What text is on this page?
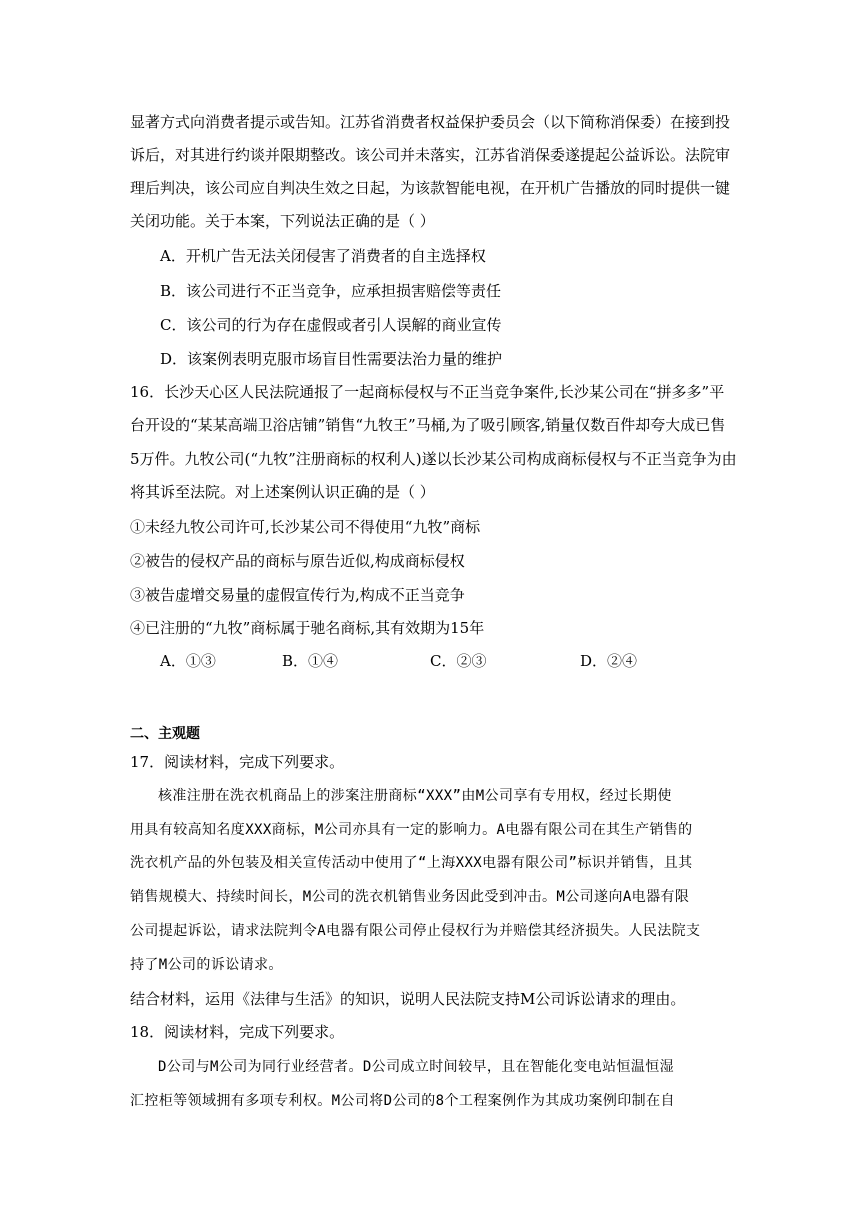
显著方式向消费者提示或告知。江苏省消费者权益保护委员会（以下简称消保委）在接到投
诉后，对其进行约谈并限期整改。该公司并未落实，江苏省消保委遂提起公益诉讼。法院审
理后判决，该公司应自判决生效之日起，为该款智能电视，在开机广告播放的同时提供一键
关闭功能。关于本案，下列说法正确的是（ ）
A．开机广告无法关闭侵害了消费者的自主选择权
B．该公司进行不正当竞争，应承担损害赔偿等责任
C．该公司的行为存在虚假或者引人误解的商业宣传
D．该案例表明克服市场盲目性需要法治力量的维护
16．长沙天心区人民法院通报了一起商标侵权与不正当竞争案件,长沙某公司在“拼多多”平
台开设的“某某高端卫浴店铺”销售“九牧王”马桶,为了吸引顾客,销量仅数百件却夸大成已售
5万件。九牧公司(“九牧”注册商标的权利人)遂以长沙某公司构成商标侵权与不正当竞争为由
将其诉至法院。对上述案例认识正确的是（ ）
①未经九牧公司许可,长沙某公司不得使用“九牧”商标
②被告的侵权产品的商标与原告近似,构成商标侵权
③被告虚增交易量的虚假宣传行为,构成不正当竞争
④已注册的“九牧”商标属于驰名商标,其有效期为15年
A．①③	B．①④	C．②③	D．②④
二、主观题
17．阅读材料，完成下列要求。
核准注册在洗衣机商品上的涉案注册商标“XXX”由M公司享有专用权，经过长期使
用具有较高知名度XXX商标，M公司亦具有一定的影响力。A电器有限公司在其生产销售的
洗衣机产品的外包装及相关宣传活动中使用了“上海XXX电器有限公司”标识并销售，且其
销售规模大、持续时间长，M公司的洗衣机销售业务因此受到冲击。M公司遂向A电器有限
公司提起诉讼，请求法院判令A电器有限公司停止侵权行为并赔偿其经济损失。人民法院支
持了M公司的诉讼请求。
结合材料，运用《法律与生活》的知识，说明人民法院支持M公司诉讼请求的理由。
18．阅读材料，完成下列要求。
D公司与M公司为同行业经营者。D公司成立时间较早，且在智能化变电站恒温恒湿
汇控柜等领域拥有多项专利权。M公司将D公司的8个工程案例作为其成功案例印制在自
